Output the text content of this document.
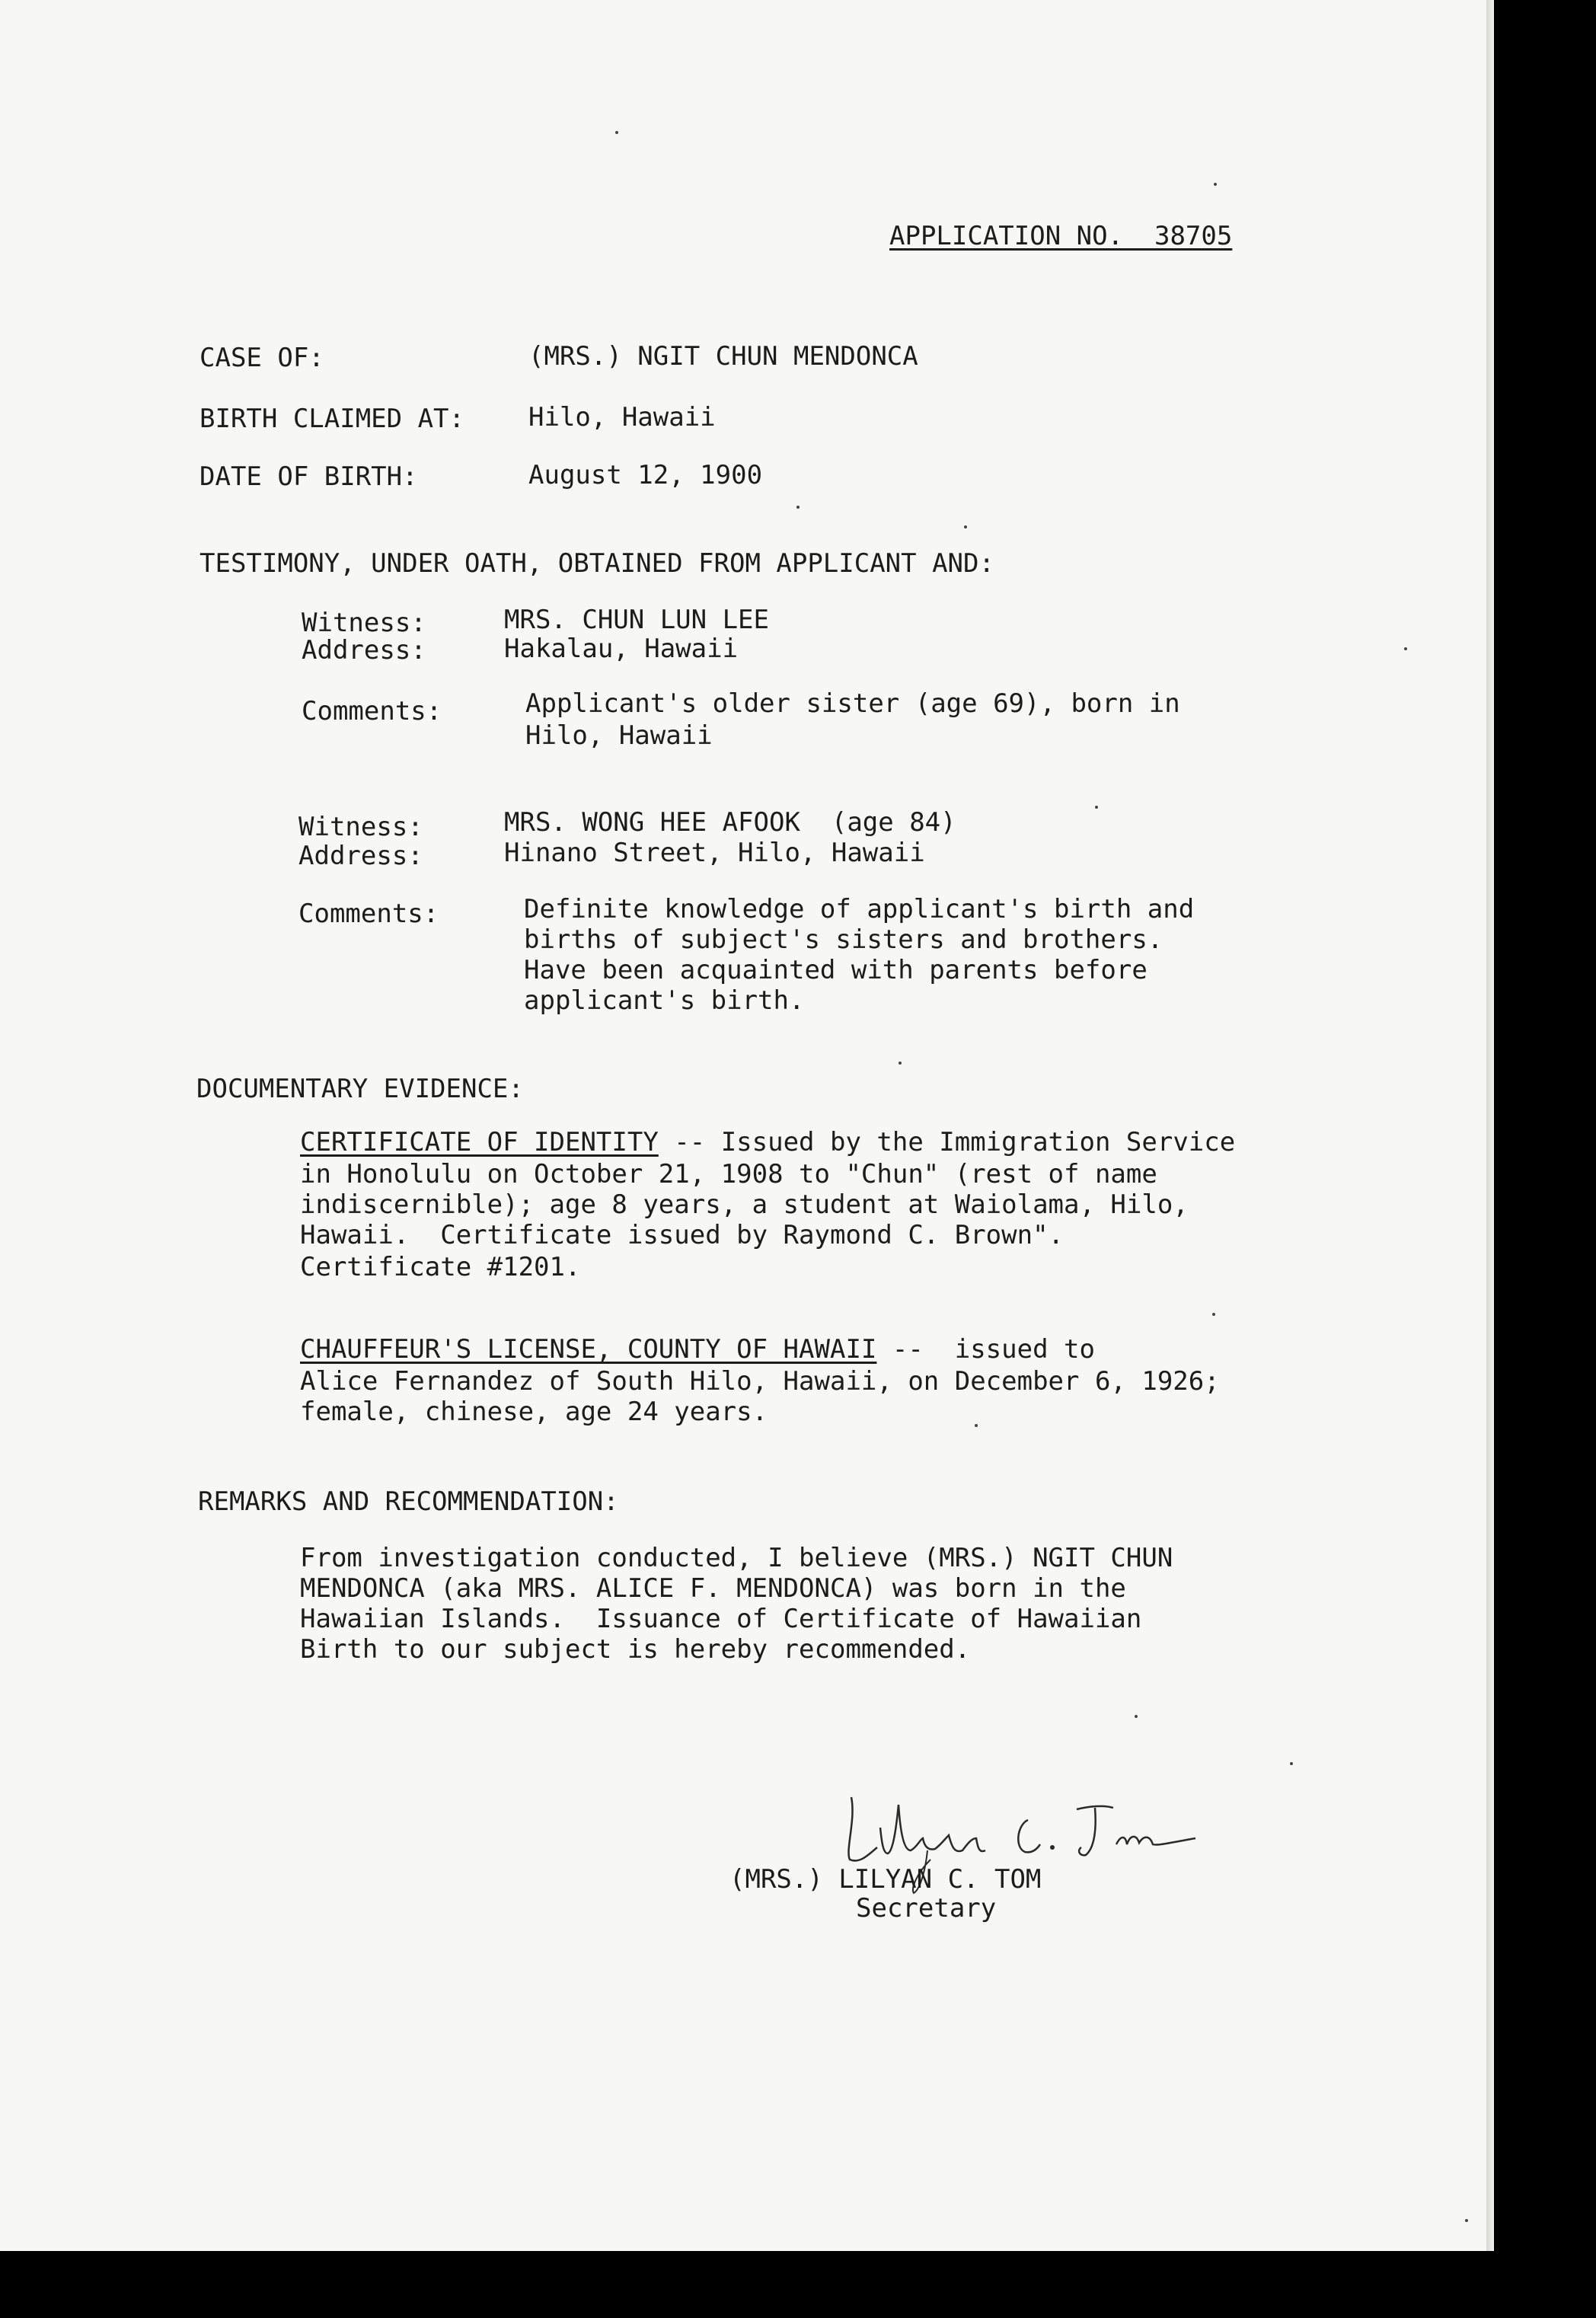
APPLICATION NO.  38705
CASE OF:	(MRS.) NGIT CHUN MENDONCA
BIRTH CLAIMED AT: Hilo, Hawaii
DATE OF BIRTH:	August 12, 1900
TESTIMONY, UNDER OATH, OBTAINED FROM APPLICANT AND:
Witness:	MRS. CHUN LUN LEE
Address:	Hakalau, Hawaii
Comments:	Applicant's older sister (age 69), born in
Hilo, Hawaii
Witness:	MRS. WONG HEE AFOOK  (age 84)
Address:	Hinano Street, Hilo, Hawaii
Comments:	Definite knowledge of applicant's birth and
births of subject's sisters and brothers.
Have been acquainted with parents before
applicant's birth.
DOCUMENTARY EVIDENCE:
CERTIFICATE OF IDENTITY -- Issued by the Immigration Service
in Honolulu on October 21, 1908 to "Chun" (rest of name
indiscernible); age 8 years, a student at Waiolama, Hilo,
Hawaii.  Certificate issued by Raymond C. Brown".
Certificate #1201.
CHAUFFEUR'S LICENSE, COUNTY OF HAWAII --  issued to
Alice Fernandez of South Hilo, Hawaii, on December 6, 1926;
female, chinese, age 24 years.
REMARKS AND RECOMMENDATION:
From investigation conducted, I believe (MRS.) NGIT CHUN
MENDONCA (aka MRS. ALICE F. MENDONCA) was born in the
Hawaiian Islands.  Issuance of Certificate of Hawaiian
Birth to our subject is hereby recommended.
(MRS.) LILYAN C. TOM
Secretary
